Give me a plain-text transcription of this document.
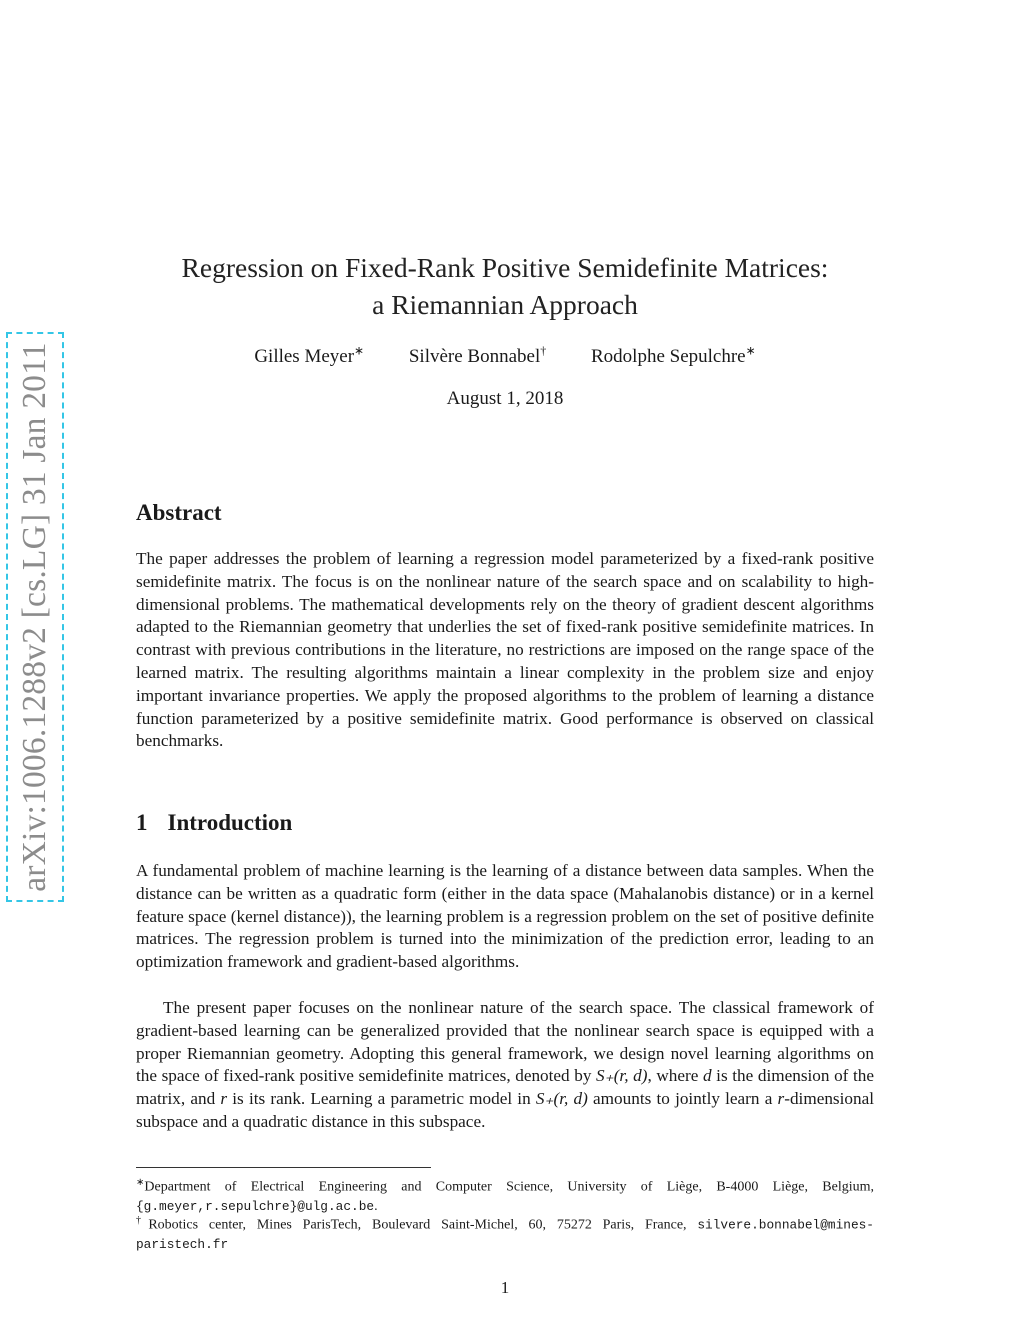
arXiv:1006.1288v2 [cs.LG] 31 Jan 2011
Regression on Fixed-Rank Positive Semidefinite Matrices:
a Riemannian Approach
Gilles Meyer∗ Silvère Bonnabel† Rodolphe Sepulchre∗
August 1, 2018
Abstract

The paper addresses the problem of learning a regression model parameterized by a fixed-rank positive semidefinite matrix. The focus is on the nonlinear nature of the search space and on scalability to high-dimensional problems. The mathematical developments rely on the theory of gradient descent algorithms adapted to the Riemannian geometry that underlies the set of fixed-rank positive semidefinite matrices. In contrast with previous contributions in the literature, no restrictions are imposed on the range space of the learned matrix. The resulting algorithms maintain a linear complexity in the problem size and enjoy important invariance properties. We apply the proposed algorithms to the problem of learning a distance function parameterized by a positive semidefinite matrix. Good performance is observed on classical benchmarks.

1 Introduction

A fundamental problem of machine learning is the learning of a distance between data samples. When the distance can be written as a quadratic form (either in the data space (Mahalanobis distance) or in a kernel feature space (kernel distance)), the learning problem is a regression problem on the set of positive definite matrices. The regression problem is turned into the minimization of the prediction error, leading to an optimization framework and gradient-based algorithms.

The present paper focuses on the nonlinear nature of the search space. The classical framework of gradient-based learning can be generalized provided that the nonlinear search space is equipped with a proper Riemannian geometry. Adopting this general framework, we design novel learning algorithms on the space of fixed-rank positive semidefinite matrices, denoted by S₊(r, d), where d is the dimension of the matrix, and r is its rank. Learning a parametric model in S₊(r, d) amounts to jointly learn a r-dimensional subspace and a quadratic distance in this subspace.

∗Department of Electrical Engineering and Computer Science, University of Liège, B-4000 Liège, Belgium, {g.meyer,r.sepulchre}@ulg.ac.be.
†Robotics center, Mines ParisTech, Boulevard Saint-Michel, 60, 75272 Paris, France, silvere.bonnabel@mines-paristech.fr
1
